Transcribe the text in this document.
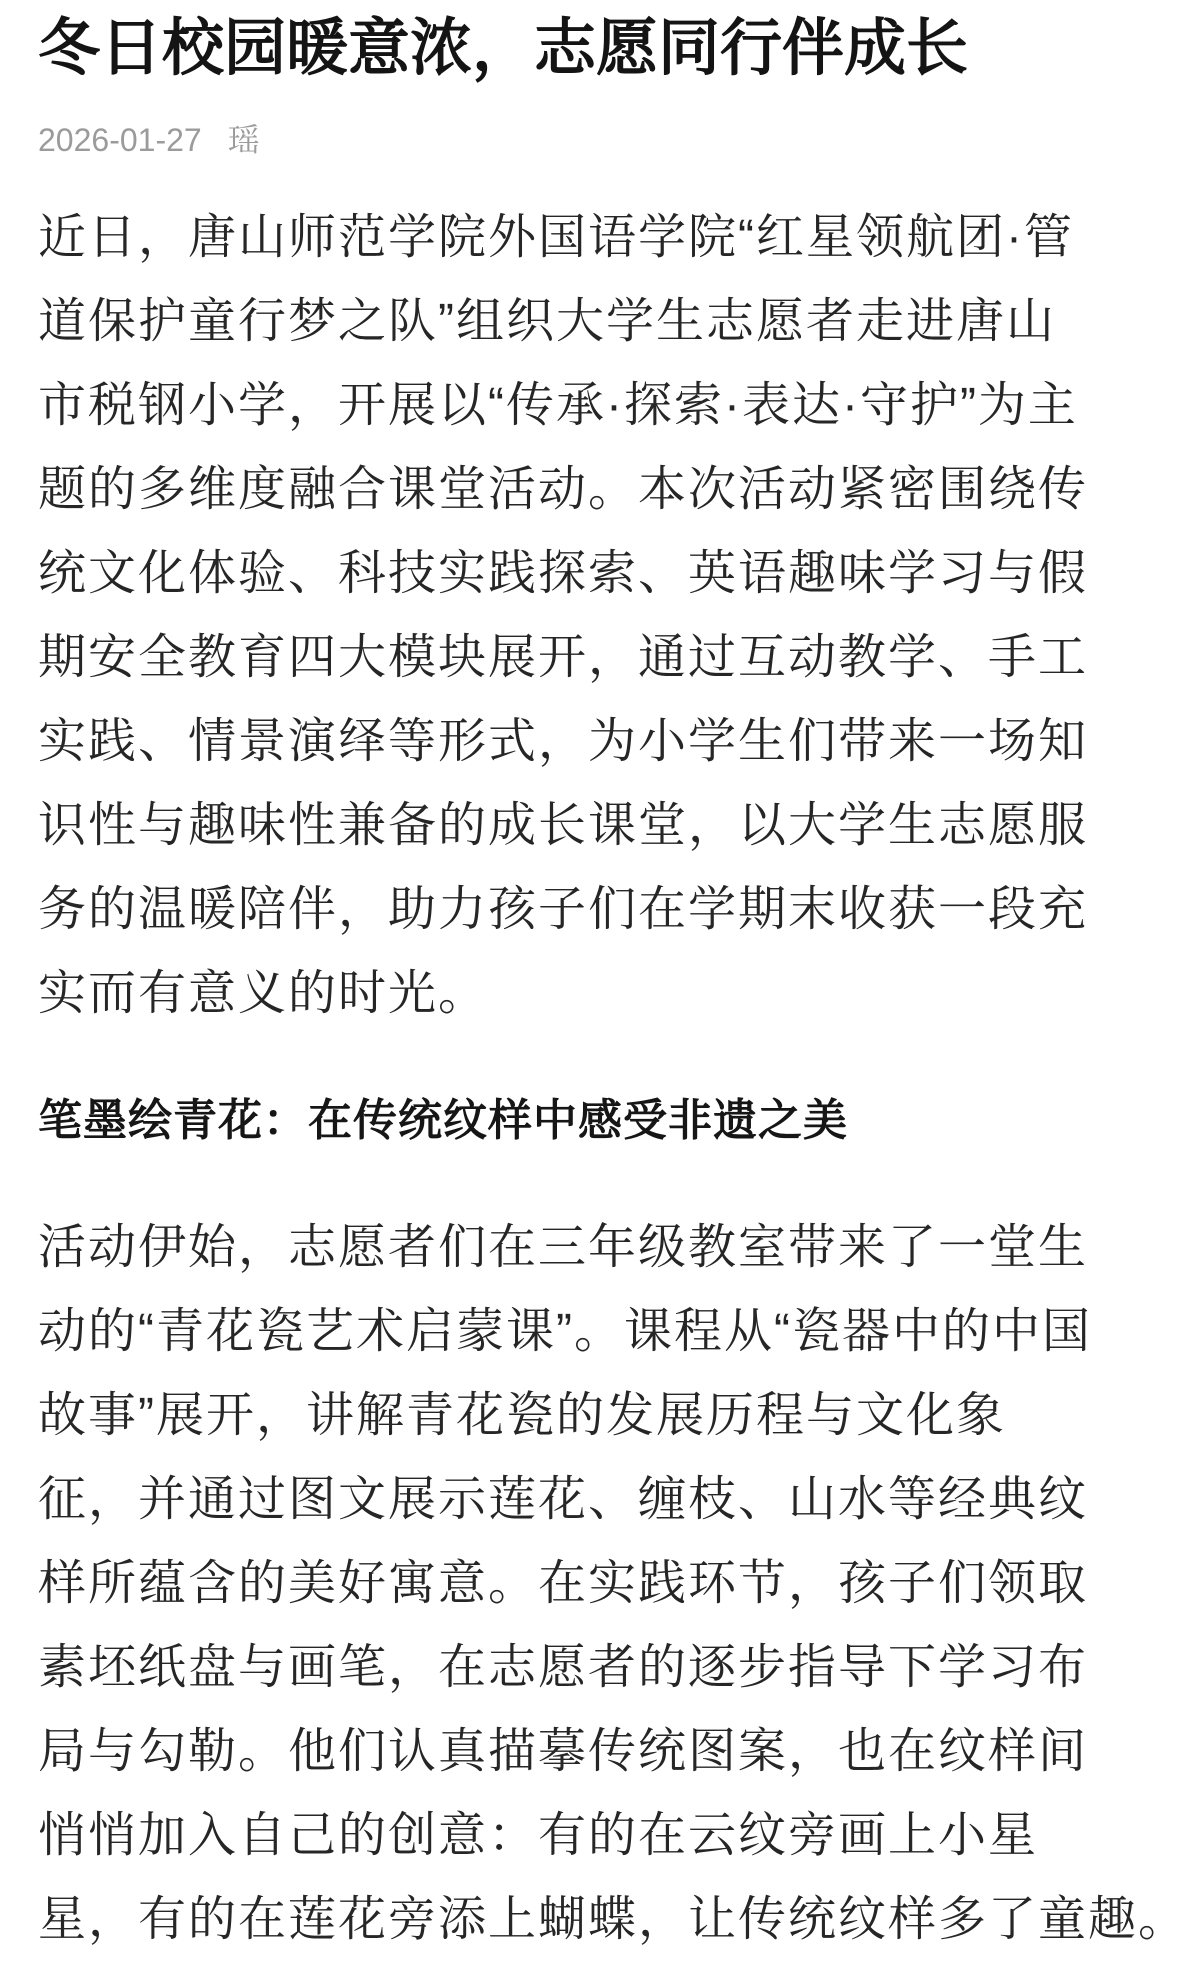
冬日校园暖意浓，志愿同行伴成长
2026-01-27 瑶
近日，唐山师范学院外国语学院“红星领航团·管
道保护童行梦之队”组织大学生志愿者走进唐山
市税钢小学，开展以“传承·探索·表达·守护”为主
题的多维度融合课堂活动。本次活动紧密围绕传
统文化体验、科技实践探索、英语趣味学习与假
期安全教育四大模块展开，通过互动教学、手工
实践、情景演绎等形式，为小学生们带来一场知
识性与趣味性兼备的成长课堂，以大学生志愿服
务的温暖陪伴，助力孩子们在学期末收获一段充
实而有意义的时光。
笔墨绘青花：在传统纹样中感受非遗之美
活动伊始，志愿者们在三年级教室带来了一堂生
动的“青花瓷艺术启蒙课”。课程从“瓷器中的中国
故事”展开，讲解青花瓷的发展历程与文化象
征，并通过图文展示莲花、缠枝、山水等经典纹
样所蕴含的美好寓意。在实践环节，孩子们领取
素坯纸盘与画笔，在志愿者的逐步指导下学习布
局与勾勒。他们认真描摹传统图案，也在纹样间
悄悄加入自己的创意：有的在云纹旁画上小星
星，有的在莲花旁添上蝴蝶，让传统纹样多了童趣。
